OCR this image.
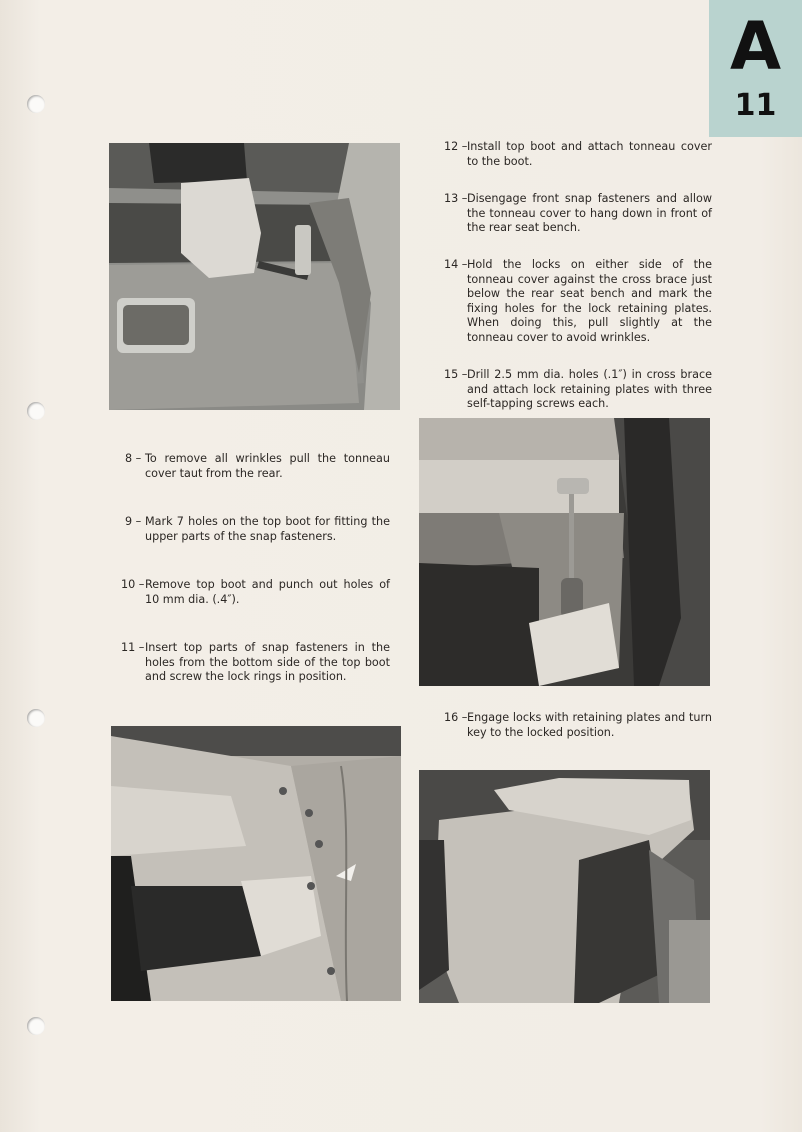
A
11
12 – Install top boot and attach tonneau cover to the boot.
13 – Disengage front snap fasteners and allow the tonneau cover to hang down in front of the rear seat bench.
14 – Hold the locks on either side of the tonneau cover against the cross brace just below the rear seat bench and mark the fixing holes for the lock retaining plates. When doing this, pull slightly at the tonneau cover to avoid wrinkles.
15 – Drill 2.5 mm dia. holes (.1″) in cross brace and attach lock retaining plates with three self-tapping screws each.
8 – To remove all wrinkles pull the tonneau cover taut from the rear.
9 – Mark 7 holes on the top boot for fitting the upper parts of the snap fasteners.
10 – Remove top boot and punch out holes of 10 mm dia. (.4″).
11 – Insert top parts of snap fasteners in the holes from the bottom side of the top boot and screw the lock rings in position.
16 – Engage locks with retaining plates and turn key to the locked position.
